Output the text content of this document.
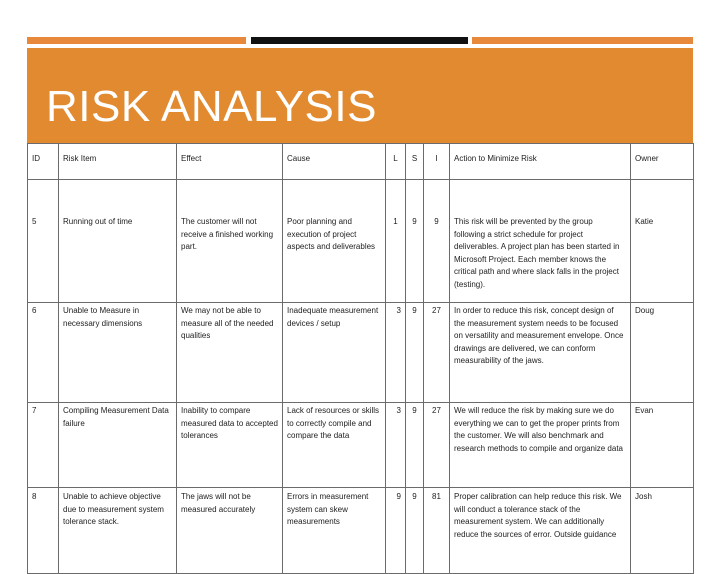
RISK ANALYSIS
ID	Risk Item	Effect	Cause	L	S	I	Action to Minimize Risk	Owner
5	Running out of time	The customer will not receive a finished working part.	Poor planning and execution of project aspects and deliverables	1	9	9	This risk will be prevented by the group following a strict schedule for project deliverables. A project plan has been started in Microsoft Project. Each member knows the critical path and where slack falls in the project (testing).	Katie
6	Unable to Measure in necessary dimensions	We may not be able to measure all of the needed qualities	Inadequate measurement devices / setup	3	9	27	In order to reduce this risk, concept design of the measurement system needs to be focused on versatility and measurement envelope. Once drawings are delivered, we can conform measurability of the jaws.	Doug
7	Compiling Measurement Data failure	Inability to compare measured data to accepted tolerances	Lack of resources or skills to correctly compile and compare the data	3	9	27	We will reduce the risk by making sure we do everything we can to get the proper prints from the customer. We will also benchmark and research methods to compile and organize data	Evan
8	Unable to achieve objective due to measurement system tolerance stack.	The jaws will not be measured accurately	Errors in measurement system can skew measurements	9	9	81	Proper calibration can help reduce this risk. We will conduct a tolerance stack of the measurement system. We can additionally reduce the sources of error. Outside guidance	Josh
